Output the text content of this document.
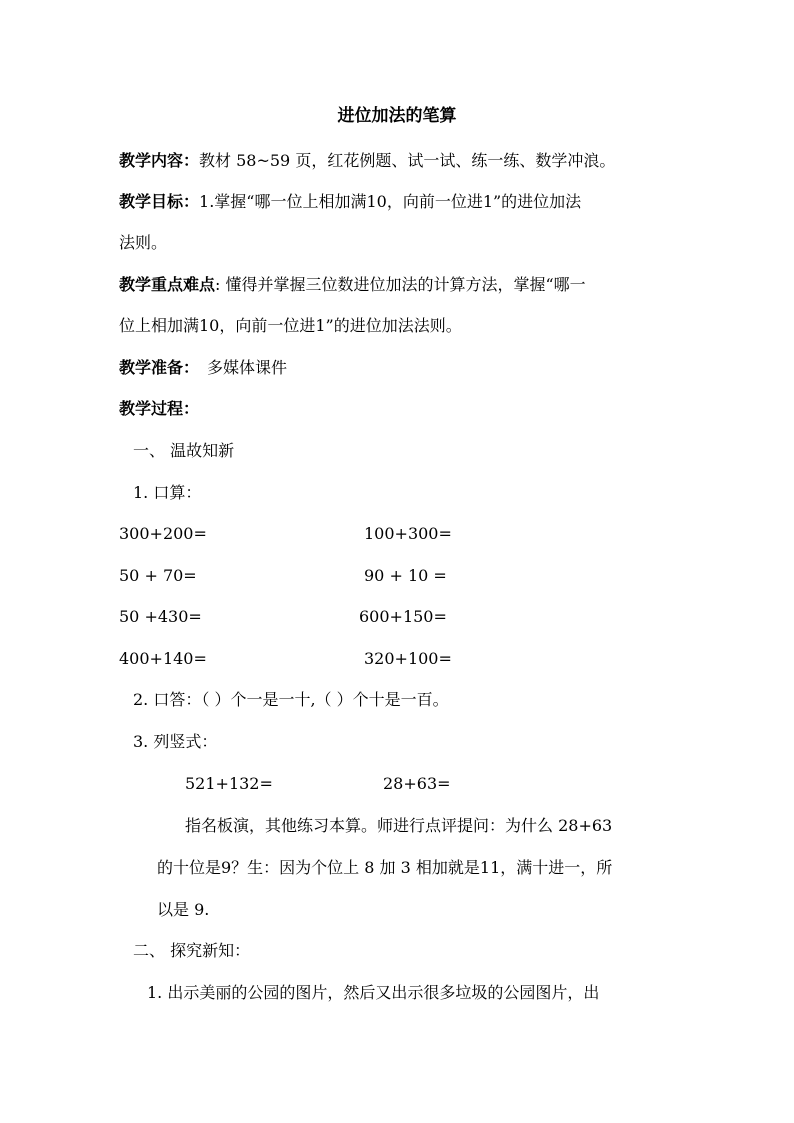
进位加法的笔算
教学内容：教材 58~59 页，红花例题、试一试、练一练、数学冲浪。
教学目标：1.掌握“哪一位上相加满10，向前一位进1”的进位加法
法则。
教学重点难点: 懂得并掌握三位数进位加法的计算方法，掌握“哪一
位上相加满10，向前一位进1”的进位加法法则。
教学准备： 多媒体课件
教学过程：
一、 温故知新
1. 口算：
300+200=	100+300=
50 + 70=	90 + 10 =
50 +430=	600+150=
400+140=	320+100=
2. 口答：（ ）个一是一十,（ ）个十是一百。
3. 列竖式：
521+132=	28+63=
指名板演，其他练习本算。师进行点评提问：为什么 28+63
的十位是9？生：因为个位上 8 加 3 相加就是11，满十进一，所
以是 9.
二、 探究新知：
1. 出示美丽的公园的图片，然后又出示很多垃圾的公园图片，出
